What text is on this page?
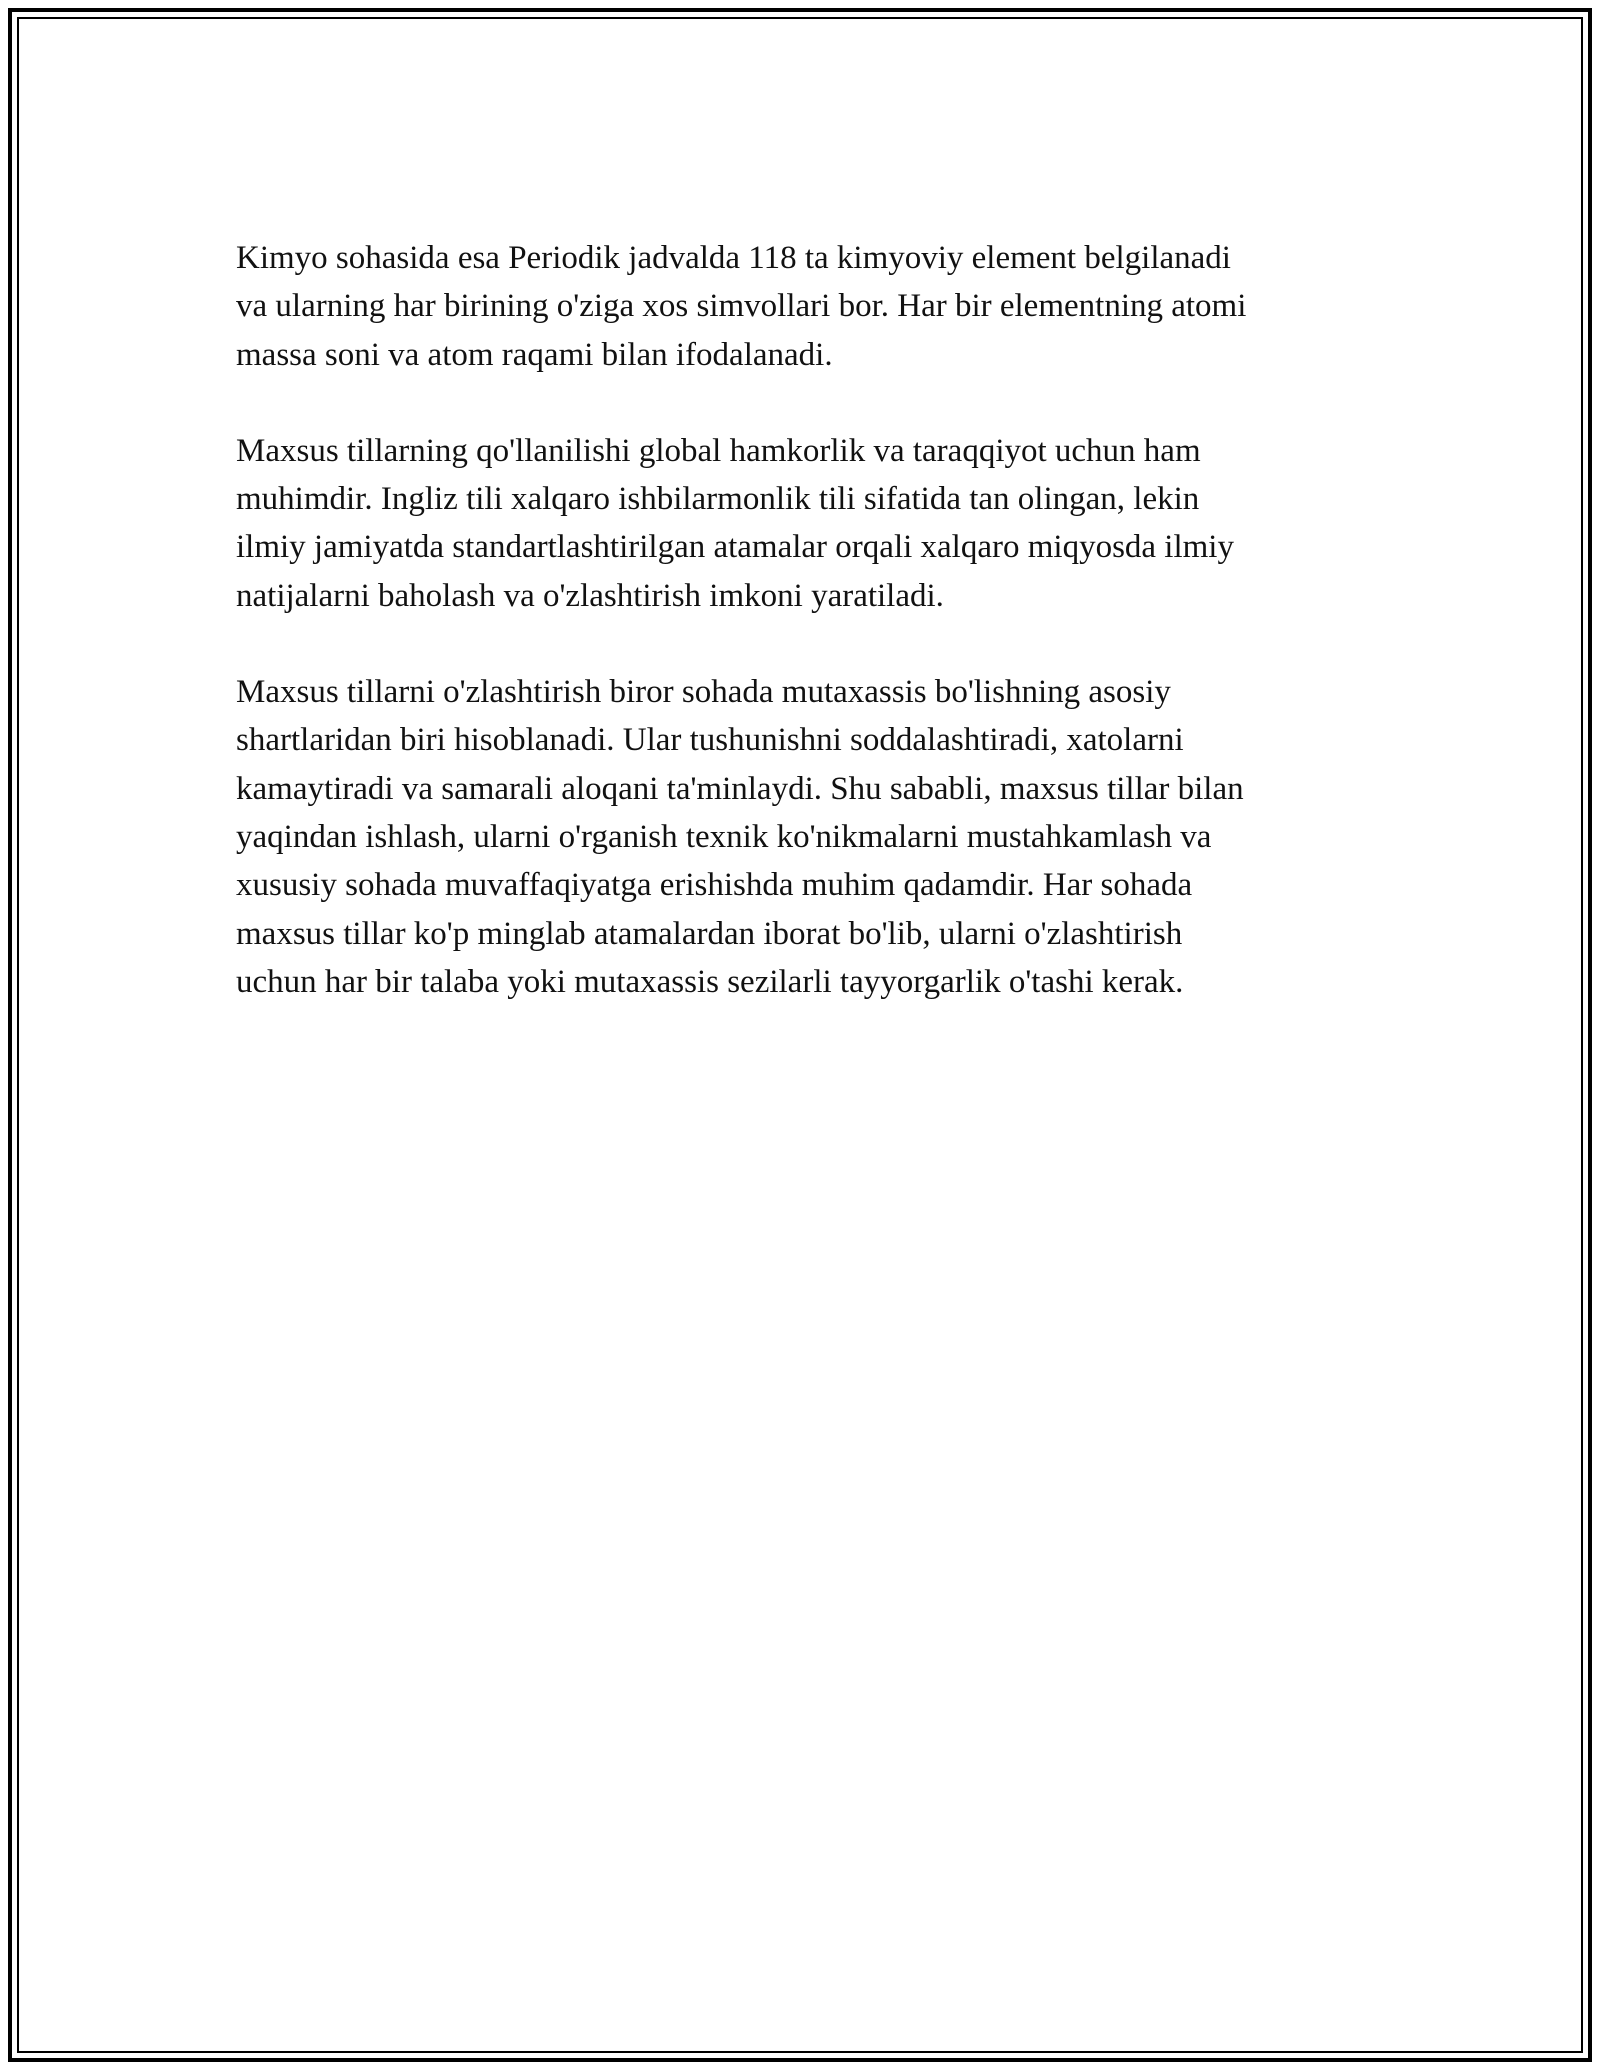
Kimyo sohasida esa Periodik jadvalda 118 ta kimyoviy element belgilanadi
va ularning har birining o'ziga xos simvollari bor. Har bir elementning atomi
massa soni va atom raqami bilan ifodalanadi.

Maxsus tillarning qo'llanilishi global hamkorlik va taraqqiyot uchun ham
muhimdir. Ingliz tili xalqaro ishbilarmonlik tili sifatida tan olingan, lekin
ilmiy jamiyatda standartlashtirilgan atamalar orqali xalqaro miqyosda ilmiy
natijalarni baholash va o'zlashtirish imkoni yaratiladi.

Maxsus tillarni o'zlashtirish biror sohada mutaxassis bo'lishning asosiy
shartlaridan biri hisoblanadi. Ular tushunishni soddalashtiradi, xatolarni
kamaytiradi va samarali aloqani ta'minlaydi. Shu sababli, maxsus tillar bilan
yaqindan ishlash, ularni o'rganish texnik ko'nikmalarni mustahkamlash va
xususiy sohada muvaffaqiyatga erishishda muhim qadamdir. Har sohada
maxsus tillar ko'p minglab atamalardan iborat bo'lib, ularni o'zlashtirish
uchun har bir talaba yoki mutaxassis sezilarli tayyorgarlik o'tashi kerak.
